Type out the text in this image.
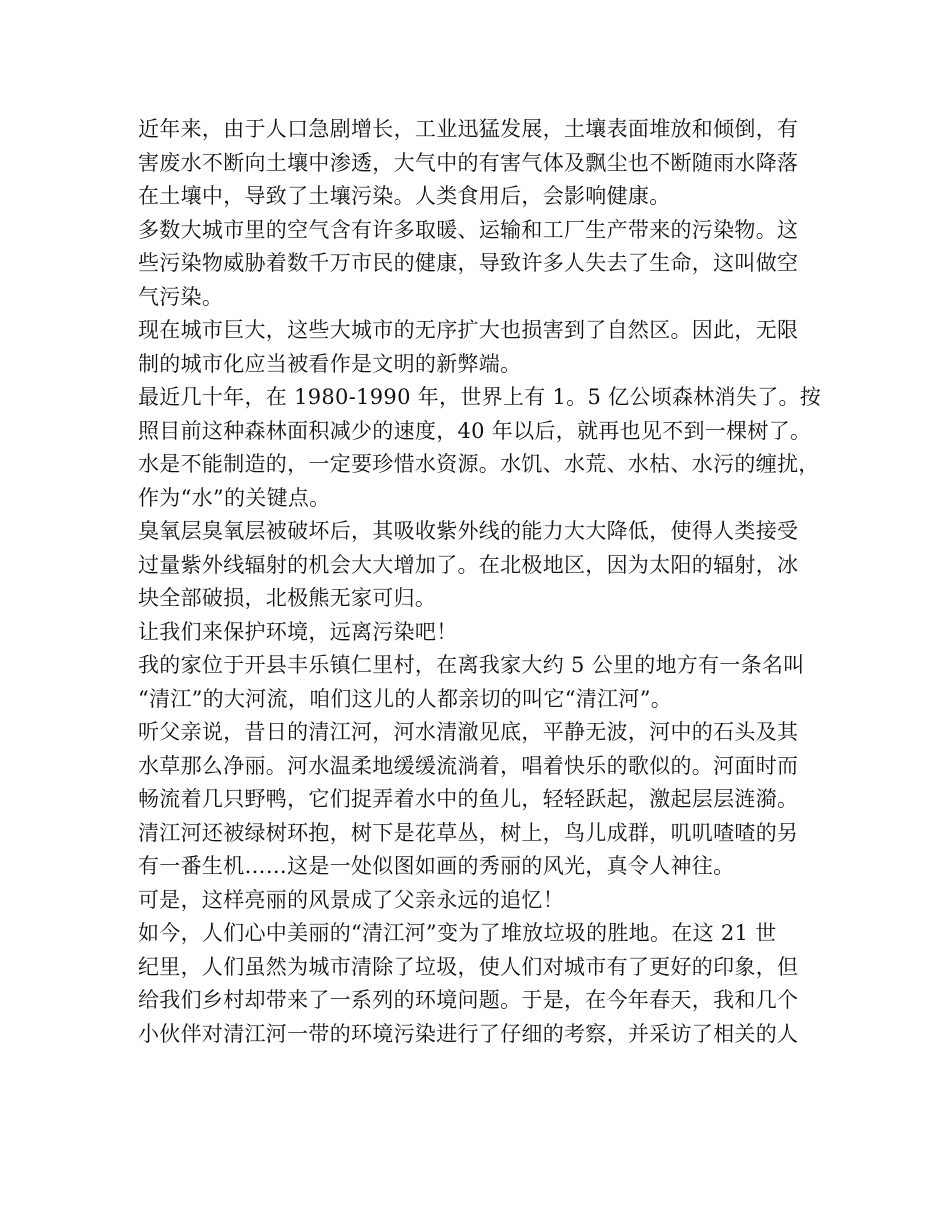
近年来，由于人口急剧增长，工业迅猛发展，土壤表面堆放和倾倒，有
害废水不断向土壤中渗透，大气中的有害气体及飘尘也不断随雨水降落
在土壤中，导致了土壤污染。人类食用后，会影响健康。
多数大城市里的空气含有许多取暖、运输和工厂生产带来的污染物。这
些污染物威胁着数千万市民的健康，导致许多人失去了生命，这叫做空
气污染。
现在城市巨大，这些大城市的无序扩大也损害到了自然区。因此，无限
制的城市化应当被看作是文明的新弊端。
最近几十年，在 1980-1990 年，世界上有 1。5 亿公顷森林消失了。按
照目前这种森林面积减少的速度，40 年以后，就再也见不到一棵树了。
水是不能制造的，一定要珍惜水资源。水饥、水荒、水枯、水污的缠扰，
作为“水”的关键点。
臭氧层臭氧层被破坏后，其吸收紫外线的能力大大降低，使得人类接受
过量紫外线辐射的机会大大增加了。在北极地区，因为太阳的辐射，冰
块全部破损，北极熊无家可归。
让我们来保护环境，远离污染吧！
我的家位于开县丰乐镇仁里村，在离我家大约 5 公里的地方有一条名叫
“清江”的大河流，咱们这儿的人都亲切的叫它“清江河”。
听父亲说，昔日的清江河，河水清澈见底，平静无波，河中的石头及其
水草那么净丽。河水温柔地缓缓流淌着，唱着快乐的歌似的。河面时而
畅流着几只野鸭，它们捉弄着水中的鱼儿，轻轻跃起，激起层层涟漪。
清江河还被绿树环抱，树下是花草丛，树上，鸟儿成群，叽叽喳喳的另
有一番生机……这是一处似图如画的秀丽的风光，真令人神往。
可是，这样亮丽的风景成了父亲永远的追忆！
如今，人们心中美丽的“清江河”变为了堆放垃圾的胜地。在这 21 世
纪里，人们虽然为城市清除了垃圾，使人们对城市有了更好的印象，但
给我们乡村却带来了一系列的环境问题。于是，在今年春天，我和几个
小伙伴对清江河一带的环境污染进行了仔细的考察，并采访了相关的人
